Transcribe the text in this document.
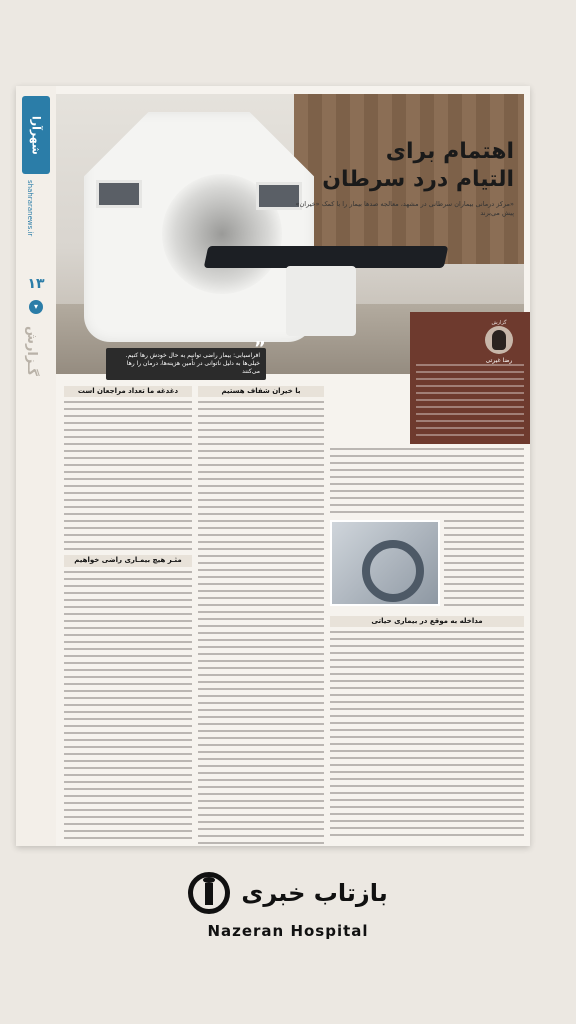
شهرآرا
shahraranews.ir
۱۳
▾
گـزارش
اهتمام برای
التیام درد سرطان

«مرکز درمانی بیماران سرطانی در مشهد، معالجه صدها بیمار را با کمک «خیران» پیش می‌برند

افراسیابی: بیمار راضی توانیم به حال خودش رها کنیم. خیلی‌ها به دلیل ناتوانی در تأمین هزینه‌ها، درمان را رها می‌کنند
”
گزارش
رضا غیرتی
مداخله به موقع در بیماری حیاتی
با خیران شفاف هستیم
دغدغه ما تعداد مراجعان است
مثـر هیچ بیمـاری راضی خواهیم
بازتاب خبری
Nazeran Hospital
